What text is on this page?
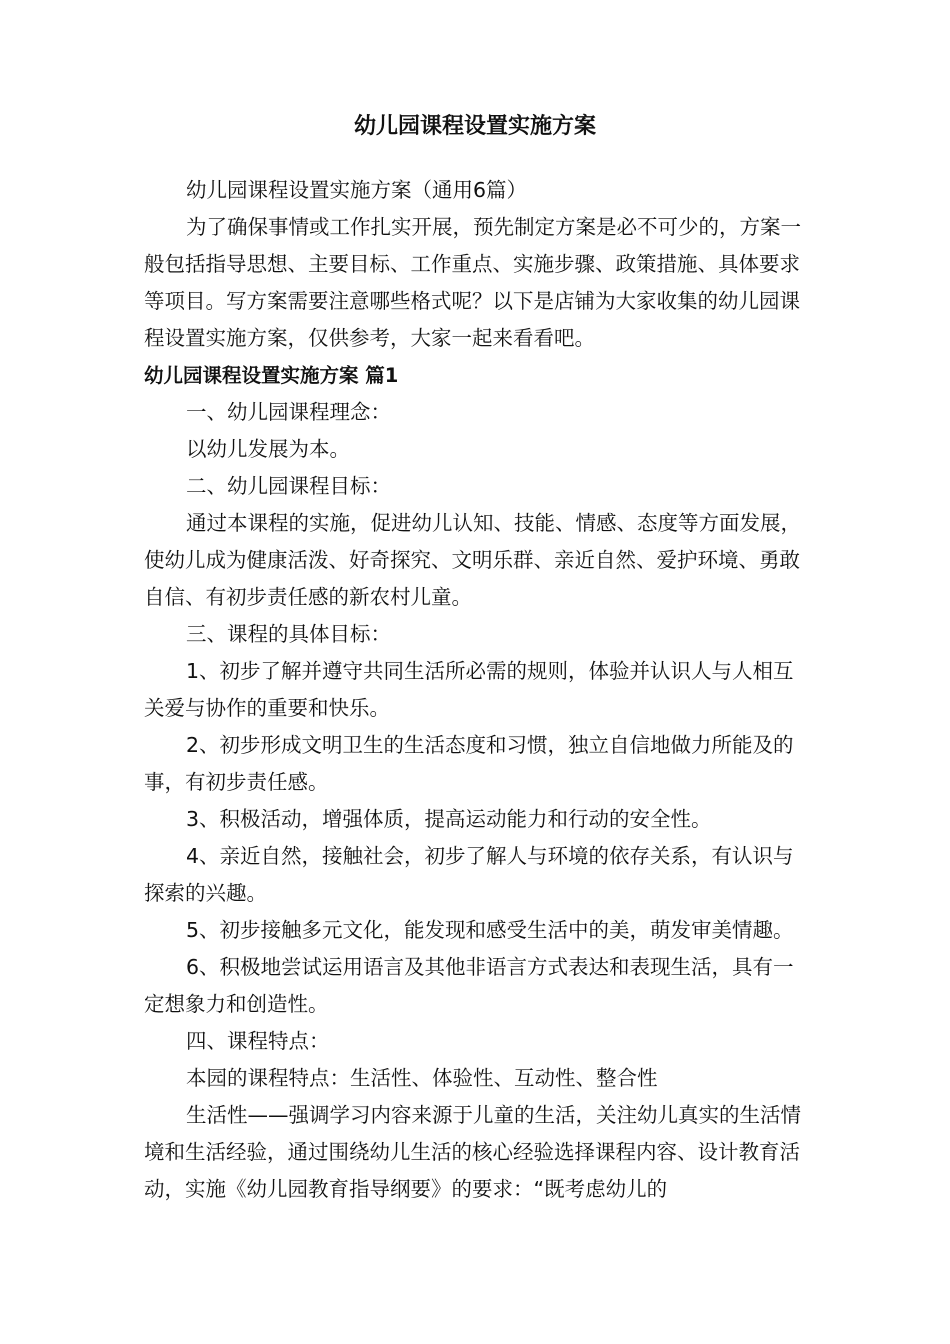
幼儿园课程设置实施方案

幼儿园课程设置实施方案（通用6篇）

为了确保事情或工作扎实开展，预先制定方案是必不可少的，方案一般包括指导思想、主要目标、工作重点、实施步骤、政策措施、具体要求等项目。写方案需要注意哪些格式呢？以下是店铺为大家收集的幼儿园课程设置实施方案，仅供参考，大家一起来看看吧。

幼儿园课程设置实施方案 篇1

一、幼儿园课程理念：

以幼儿发展为本。

二、幼儿园课程目标：

通过本课程的实施，促进幼儿认知、技能、情感、态度等方面发展，使幼儿成为健康活泼、好奇探究、文明乐群、亲近自然、爱护环境、勇敢自信、有初步责任感的新农村儿童。

三、课程的具体目标：

1、初步了解并遵守共同生活所必需的规则，体验并认识人与人相互关爱与协作的重要和快乐。

2、初步形成文明卫生的生活态度和习惯，独立自信地做力所能及的事，有初步责任感。

3、积极活动，增强体质，提高运动能力和行动的安全性。

4、亲近自然，接触社会，初步了解人与环境的依存关系，有认识与探索的兴趣。

5、初步接触多元文化，能发现和感受生活中的美，萌发审美情趣。

6、积极地尝试运用语言及其他非语言方式表达和表现生活，具有一定想象力和创造性。

四、课程特点：

本园的课程特点：生活性、体验性、互动性、整合性

生活性——强调学习内容来源于儿童的生活，关注幼儿真实的生活情境和生活经验，通过围绕幼儿生活的核心经验选择课程内容、设计教育活动，实施《幼儿园教育指导纲要》的要求：“既考虑幼儿的
